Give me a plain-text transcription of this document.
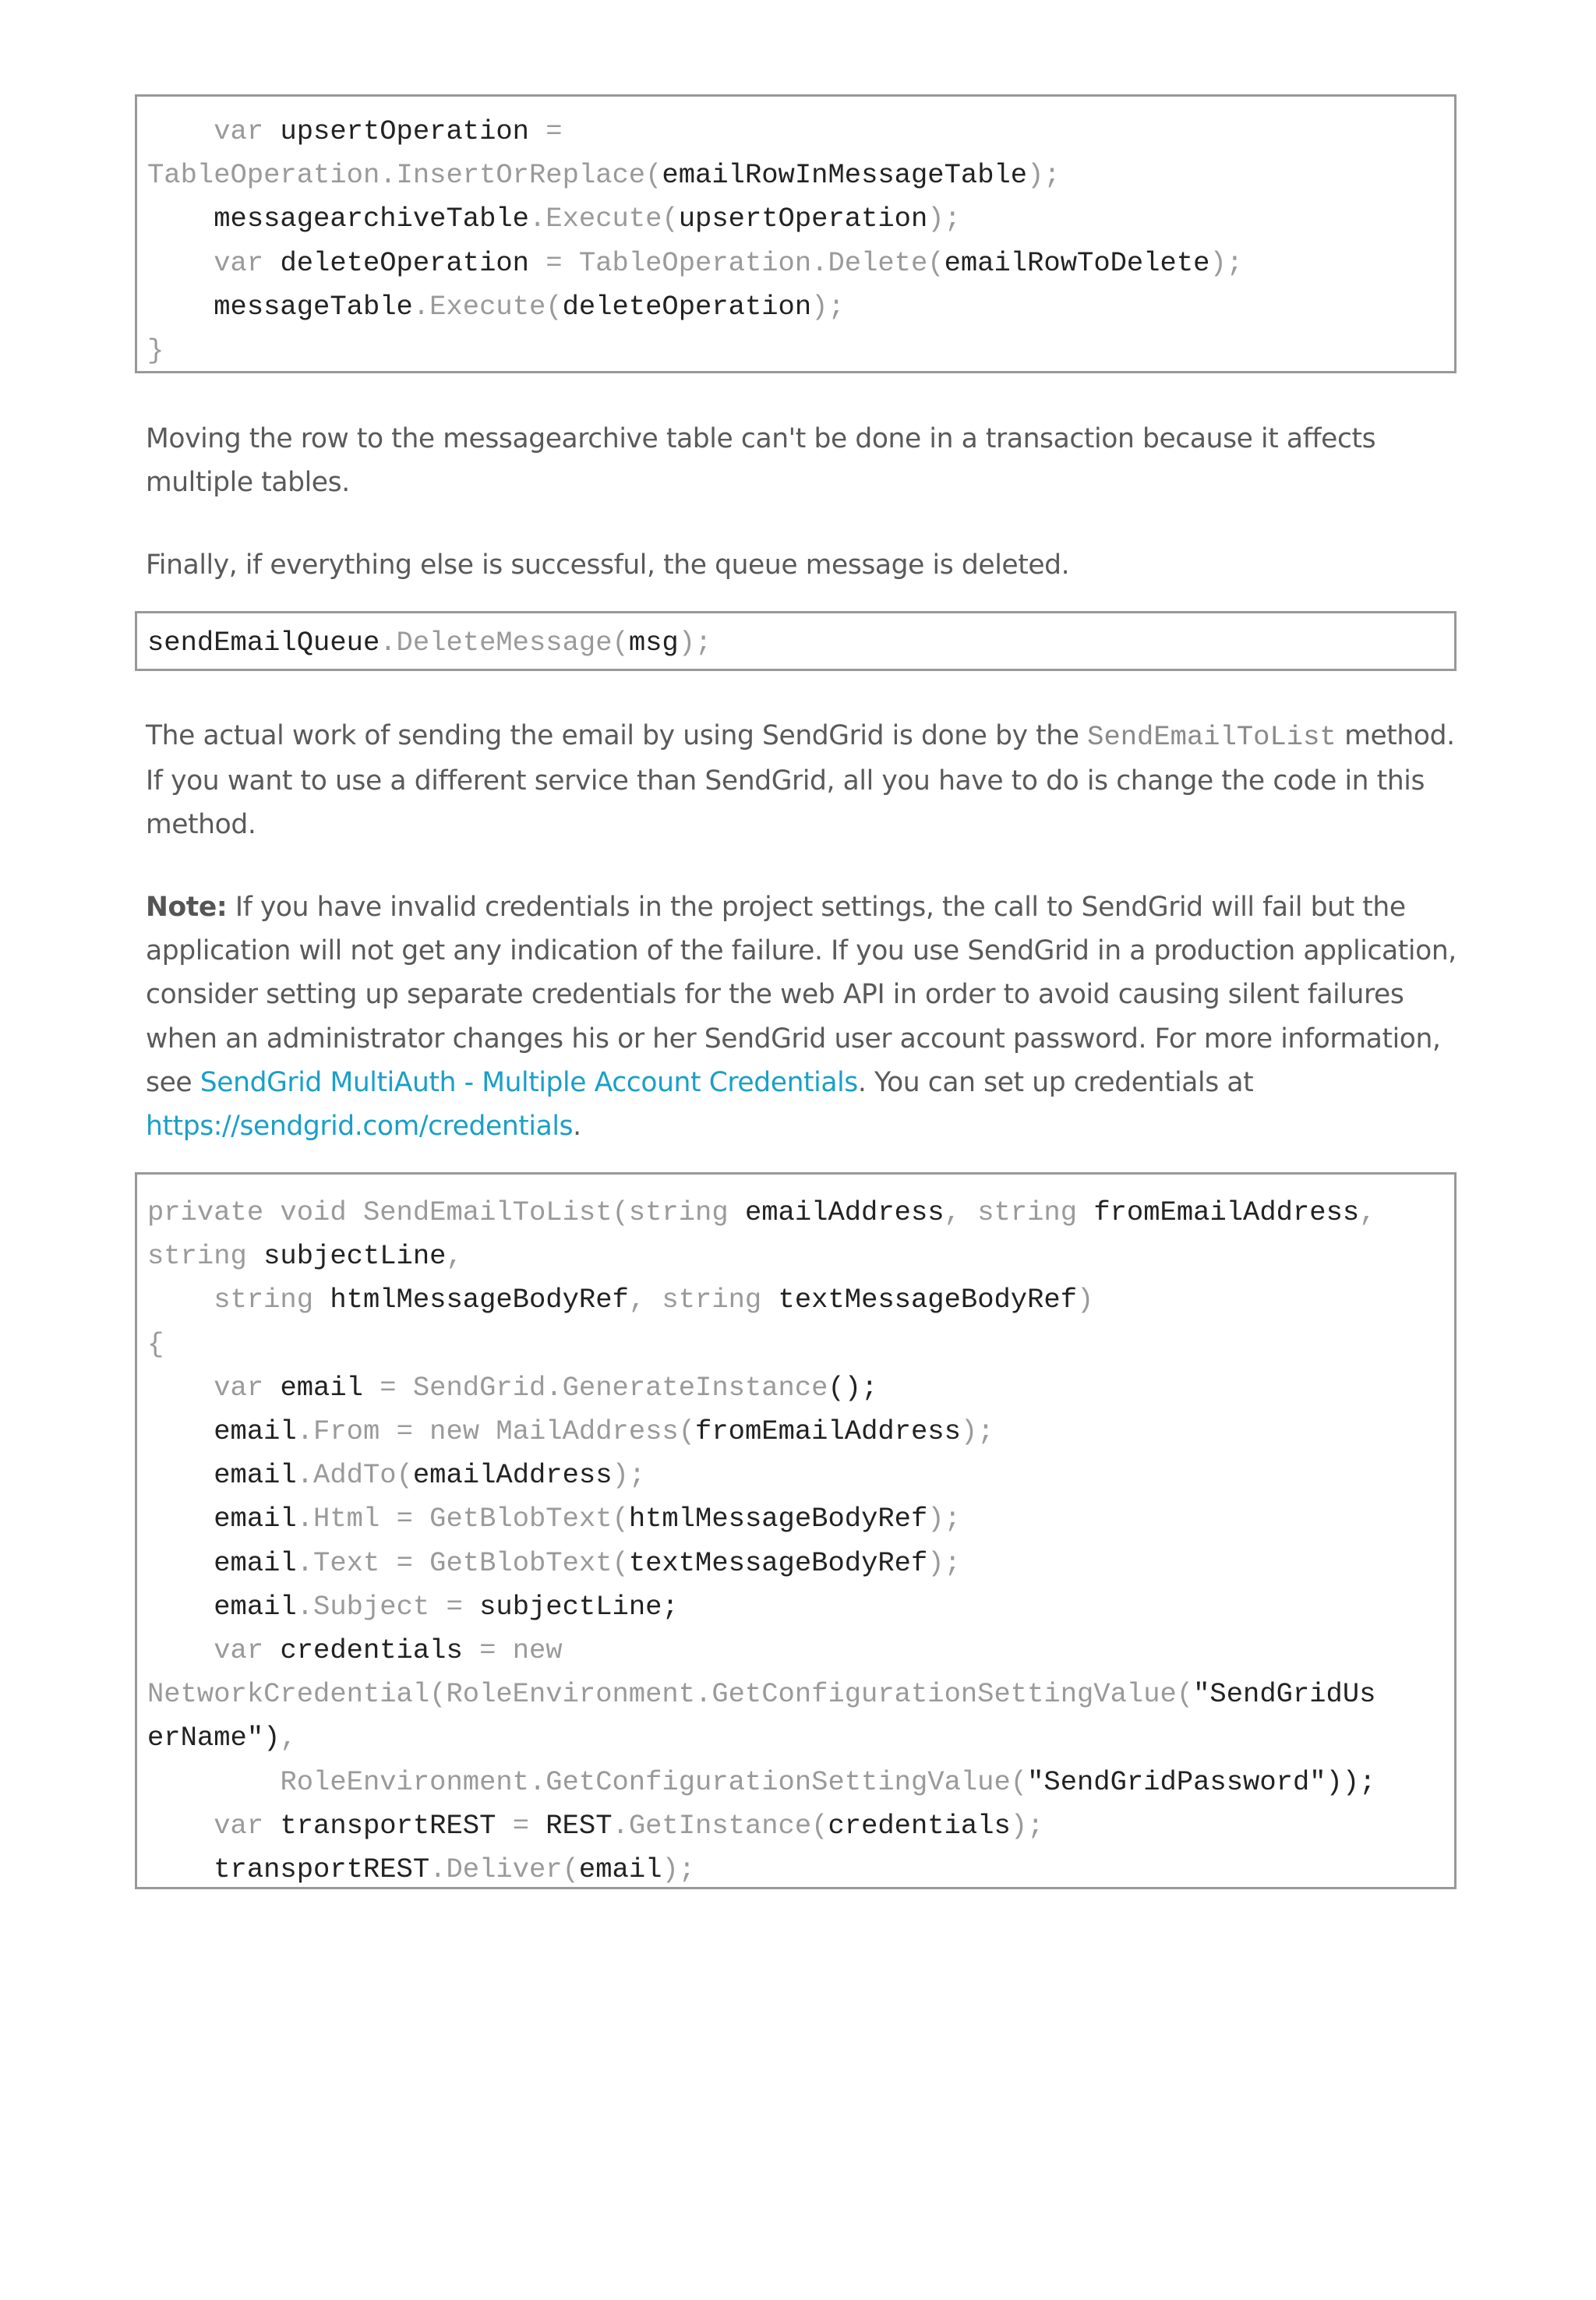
var upsertOperation =
TableOperation.InsertOrReplace(emailRowInMessageTable);
messagearchiveTable.Execute(upsertOperation);
var deleteOperation = TableOperation.Delete(emailRowToDelete);
messageTable.Execute(deleteOperation);
}

Moving the row to the messagearchive table can't be done in a transaction because it affects multiple tables.

Finally, if everything else is successful, the queue message is deleted.

sendEmailQueue.DeleteMessage(msg);

The actual work of sending the email by using SendGrid is done by the SendEmailToList method. If you want to use a different service than SendGrid, all you have to do is change the code in this method.

Note: If you have invalid credentials in the project settings, the call to SendGrid will fail but the application will not get any indication of the failure. If you use SendGrid in a production application, consider setting up separate credentials for the web API in order to avoid causing silent failures when an administrator changes his or her SendGrid user account password. For more information, see SendGrid MultiAuth - Multiple Account Credentials. You can set up credentials at https://sendgrid.com/credentials.

private void SendEmailToList(string emailAddress, string fromEmailAddress,
string subjectLine,
string htmlMessageBodyRef, string textMessageBodyRef)
{
var email = SendGrid.GenerateInstance();
email.From = new MailAddress(fromEmailAddress);
email.AddTo(emailAddress);
email.Html = GetBlobText(htmlMessageBodyRef);
email.Text = GetBlobText(textMessageBodyRef);
email.Subject = subjectLine;
var credentials = new
NetworkCredential(RoleEnvironment.GetConfigurationSettingValue("SendGridUs
erName"),
RoleEnvironment.GetConfigurationSettingValue("SendGridPassword"));
var transportREST = REST.GetInstance(credentials);
transportREST.Deliver(email);
